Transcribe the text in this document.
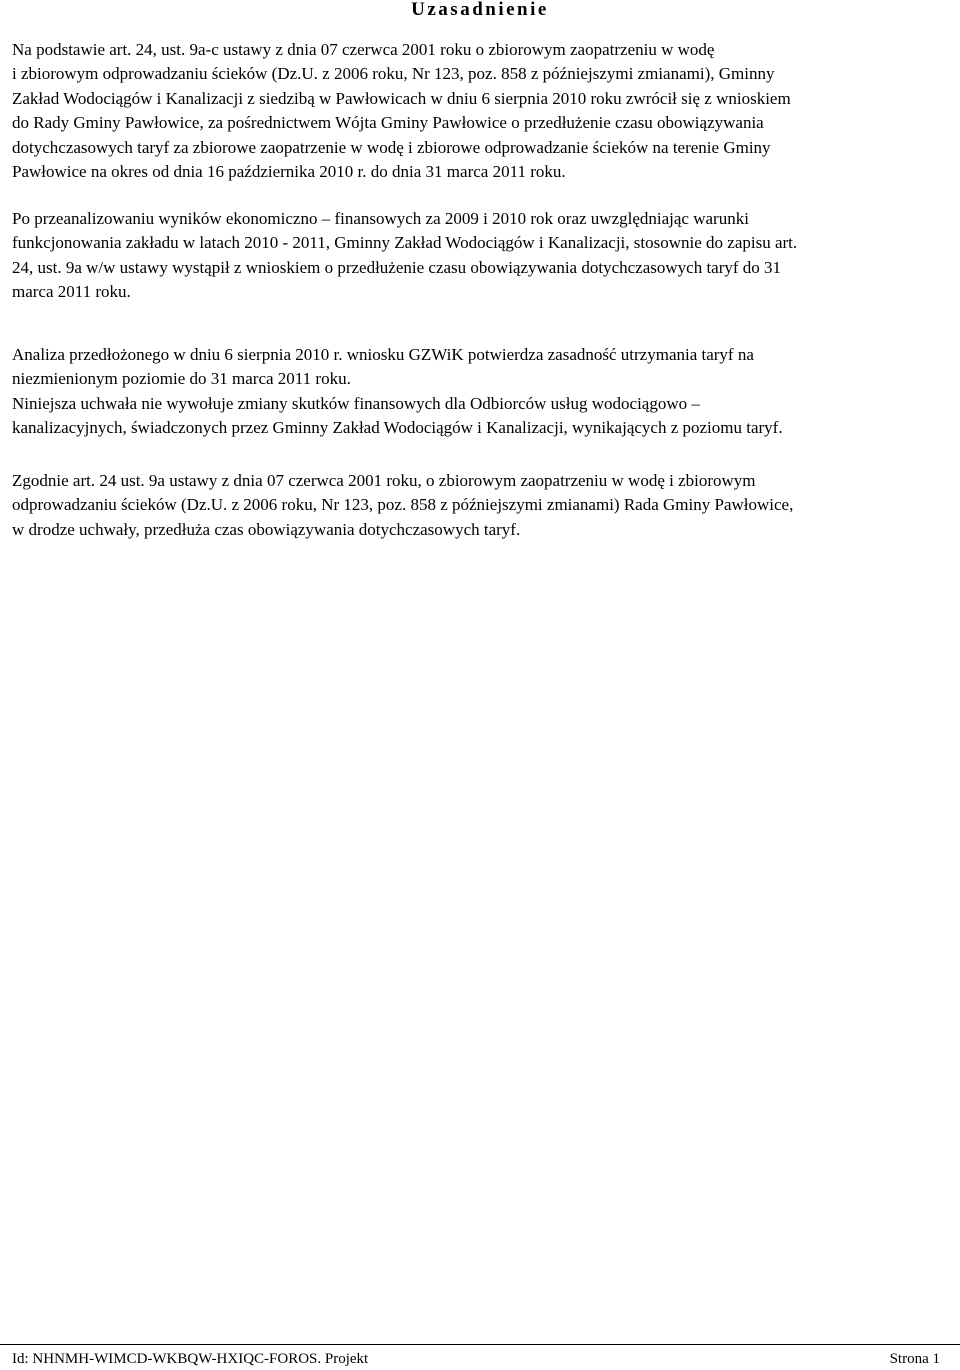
Uzasadnienie
Na podstawie art. 24, ust. 9a-c ustawy z dnia 07 czerwca 2001 roku o zbiorowym zaopatrzeniu w wodę
i zbiorowym odprowadzaniu ścieków (Dz.U. z 2006 roku, Nr 123, poz. 858 z późniejszymi zmianami), Gminny
Zakład Wodociągów i Kanalizacji z siedzibą w Pawłowicach w dniu 6 sierpnia 2010 roku zwrócił się z wnioskiem
do Rady Gminy Pawłowice, za pośrednictwem Wójta Gminy Pawłowice o przedłużenie czasu obowiązywania
dotychczasowych taryf za zbiorowe zaopatrzenie w wodę i zbiorowe odprowadzanie ścieków na terenie Gminy
Pawłowice na okres od dnia 16 października 2010 r. do dnia 31 marca 2011 roku.
Po przeanalizowaniu wyników ekonomiczno – finansowych za 2009 i 2010 rok oraz uwzględniając warunki
funkcjonowania zakładu w latach 2010 - 2011, Gminny Zakład Wodociągów i Kanalizacji, stosownie do zapisu art.
24, ust. 9a w/w ustawy wystąpił z wnioskiem o przedłużenie czasu obowiązywania dotychczasowych taryf do 31
marca 2011 roku.
Analiza przedłożonego w dniu 6 sierpnia 2010 r. wniosku GZWiK potwierdza zasadność utrzymania taryf na
niezmienionym poziomie do 31 marca 2011 roku.
Niniejsza uchwała nie wywołuje zmiany skutków finansowych dla Odbiorców usług wodociągowo –
kanalizacyjnych, świadczonych przez Gminny Zakład Wodociągów i Kanalizacji, wynikających z poziomu taryf.
Zgodnie art. 24 ust. 9a ustawy z dnia 07 czerwca 2001 roku, o zbiorowym zaopatrzeniu w wodę i zbiorowym
odprowadzaniu ścieków (Dz.U. z 2006 roku, Nr 123, poz. 858 z późniejszymi zmianami) Rada Gminy Pawłowice,
w drodze uchwały, przedłuża czas obowiązywania dotychczasowych taryf.
Id: NHNMH-WIMCD-WKBQW-HXIQC-FOROS. Projekt	Strona 1
